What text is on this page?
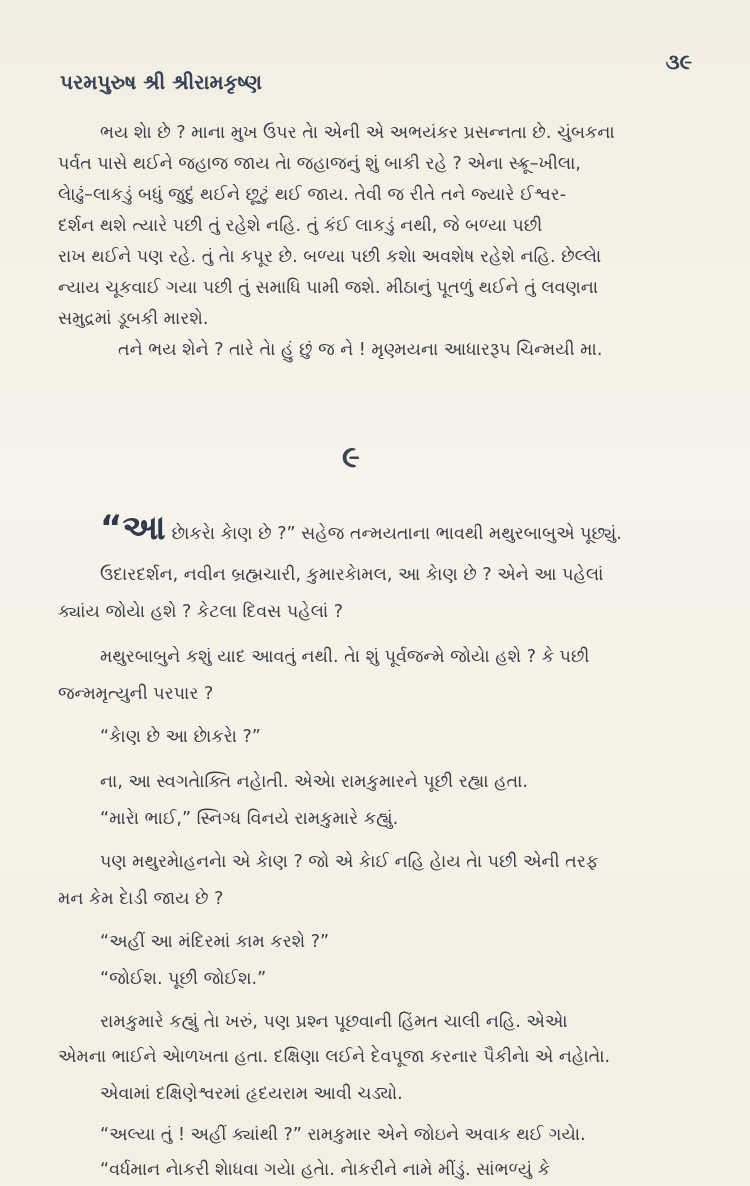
પરમપુરુષ શ્રી શ્રીરામકૃષ્ણ
૩૯
ભય શેા છે ? માના મુખ ઉપર તેા એની એ અભયંકર પ્રસન્નતા છે. ચુંબકના
પર્વત પાસે થઈને જહાજ જાય તેા જહાજનું શું બાકી રહે ? એના સ્ક્રૂ–ખીલા,
લેાઢું–લાકડું બધું જુદું થઈને છૂટું થઈ જાય. તેવી જ રીતે તને જ્યારે ઈશ્વર-
દર્શન થશે ત્યારે પછી તું રહેશે નહિ. તું કંઈ લાકડું નથી, જે બળ્યા પછી
રાખ થઈને પણ રહે. તું તેા કપૂર છે. બળ્યા પછી કશેા અવશેષ રહેશે નહિ. છેલ્લેા
ન્યાય ચૂકવાઈ ગયા પછી તું સમાધિ પામી જશે. મીઠાનું પૂતળું થઈને તું લવણના
સમુદ્રમાં ડૂબકી મારશે.
તને ભય શેને ? તારે તેા હું છું જ ને ! મૃણ્મયના આધારરૂપ ચિન્મયી મા.
૯
“આછેાકરેા કેાણ છે ?” સહેજ તન્મયતાના ભાવથી મથુરબાબુએ પૂછ્યું.
ઉદારદર્શન, નવીન બ્રહ્મચારી, કુમારકેામલ, આ કેાણ છે ? એને આ પહેલાં
ક્યાંય જોયેા હશે ? કેટલા દિવસ પહેલાં ?
મથુરબાબુને કશું યાદ આવતું નથી. તેા શું પૂર્વજન્મે જોયેા હશે ? કે પછી
જન્મમૃત્યુની પરપાર ?
“કેાણ છે આ છેાકરેા ?”
ના, આ સ્વગતેાક્તિ નહેાતી. એએા રામકુમારને પૂછી રહ્યા હતા.
“મારેા ભાઈ,” સ્નિગ્ધ વિનયે રામકુમારે કહ્યું.
પણ મથુરમેાહનનેા એ કેાણ ? જો એ કેાઈ નહિ હેાય તેા પછી એની તરફ
મન કેમ દેાડી જાય છે ?
“અહીં આ મંદિરમાં કામ કરશે ?”
“જોઈશ. પૂછી જોઈશ.”
રામકુમારે કહ્યું તેા ખરું, પણ પ્રશ્ન પૂછવાની હિંમત ચાલી નહિ. એએા
એમના ભાઈને એાળખતા હતા. દક્ષિણા લઈને દેવપૂજા કરનાર પૈકીનેા એ નહેાતેા.
એવામાં દક્ષિણેશ્વરમાં હૃદયરામ આવી ચડ્યો.
“અલ્યા તું ! અહીં ક્યાંથી ?” રામકુમાર એને જોઇને અવાક થઈ ગયેા.
“વર્ધમાન નેાકરી શેાધવા ગયેા હતેા. નેાકરીને નામે મીંડું. સાંભળ્યું કે
